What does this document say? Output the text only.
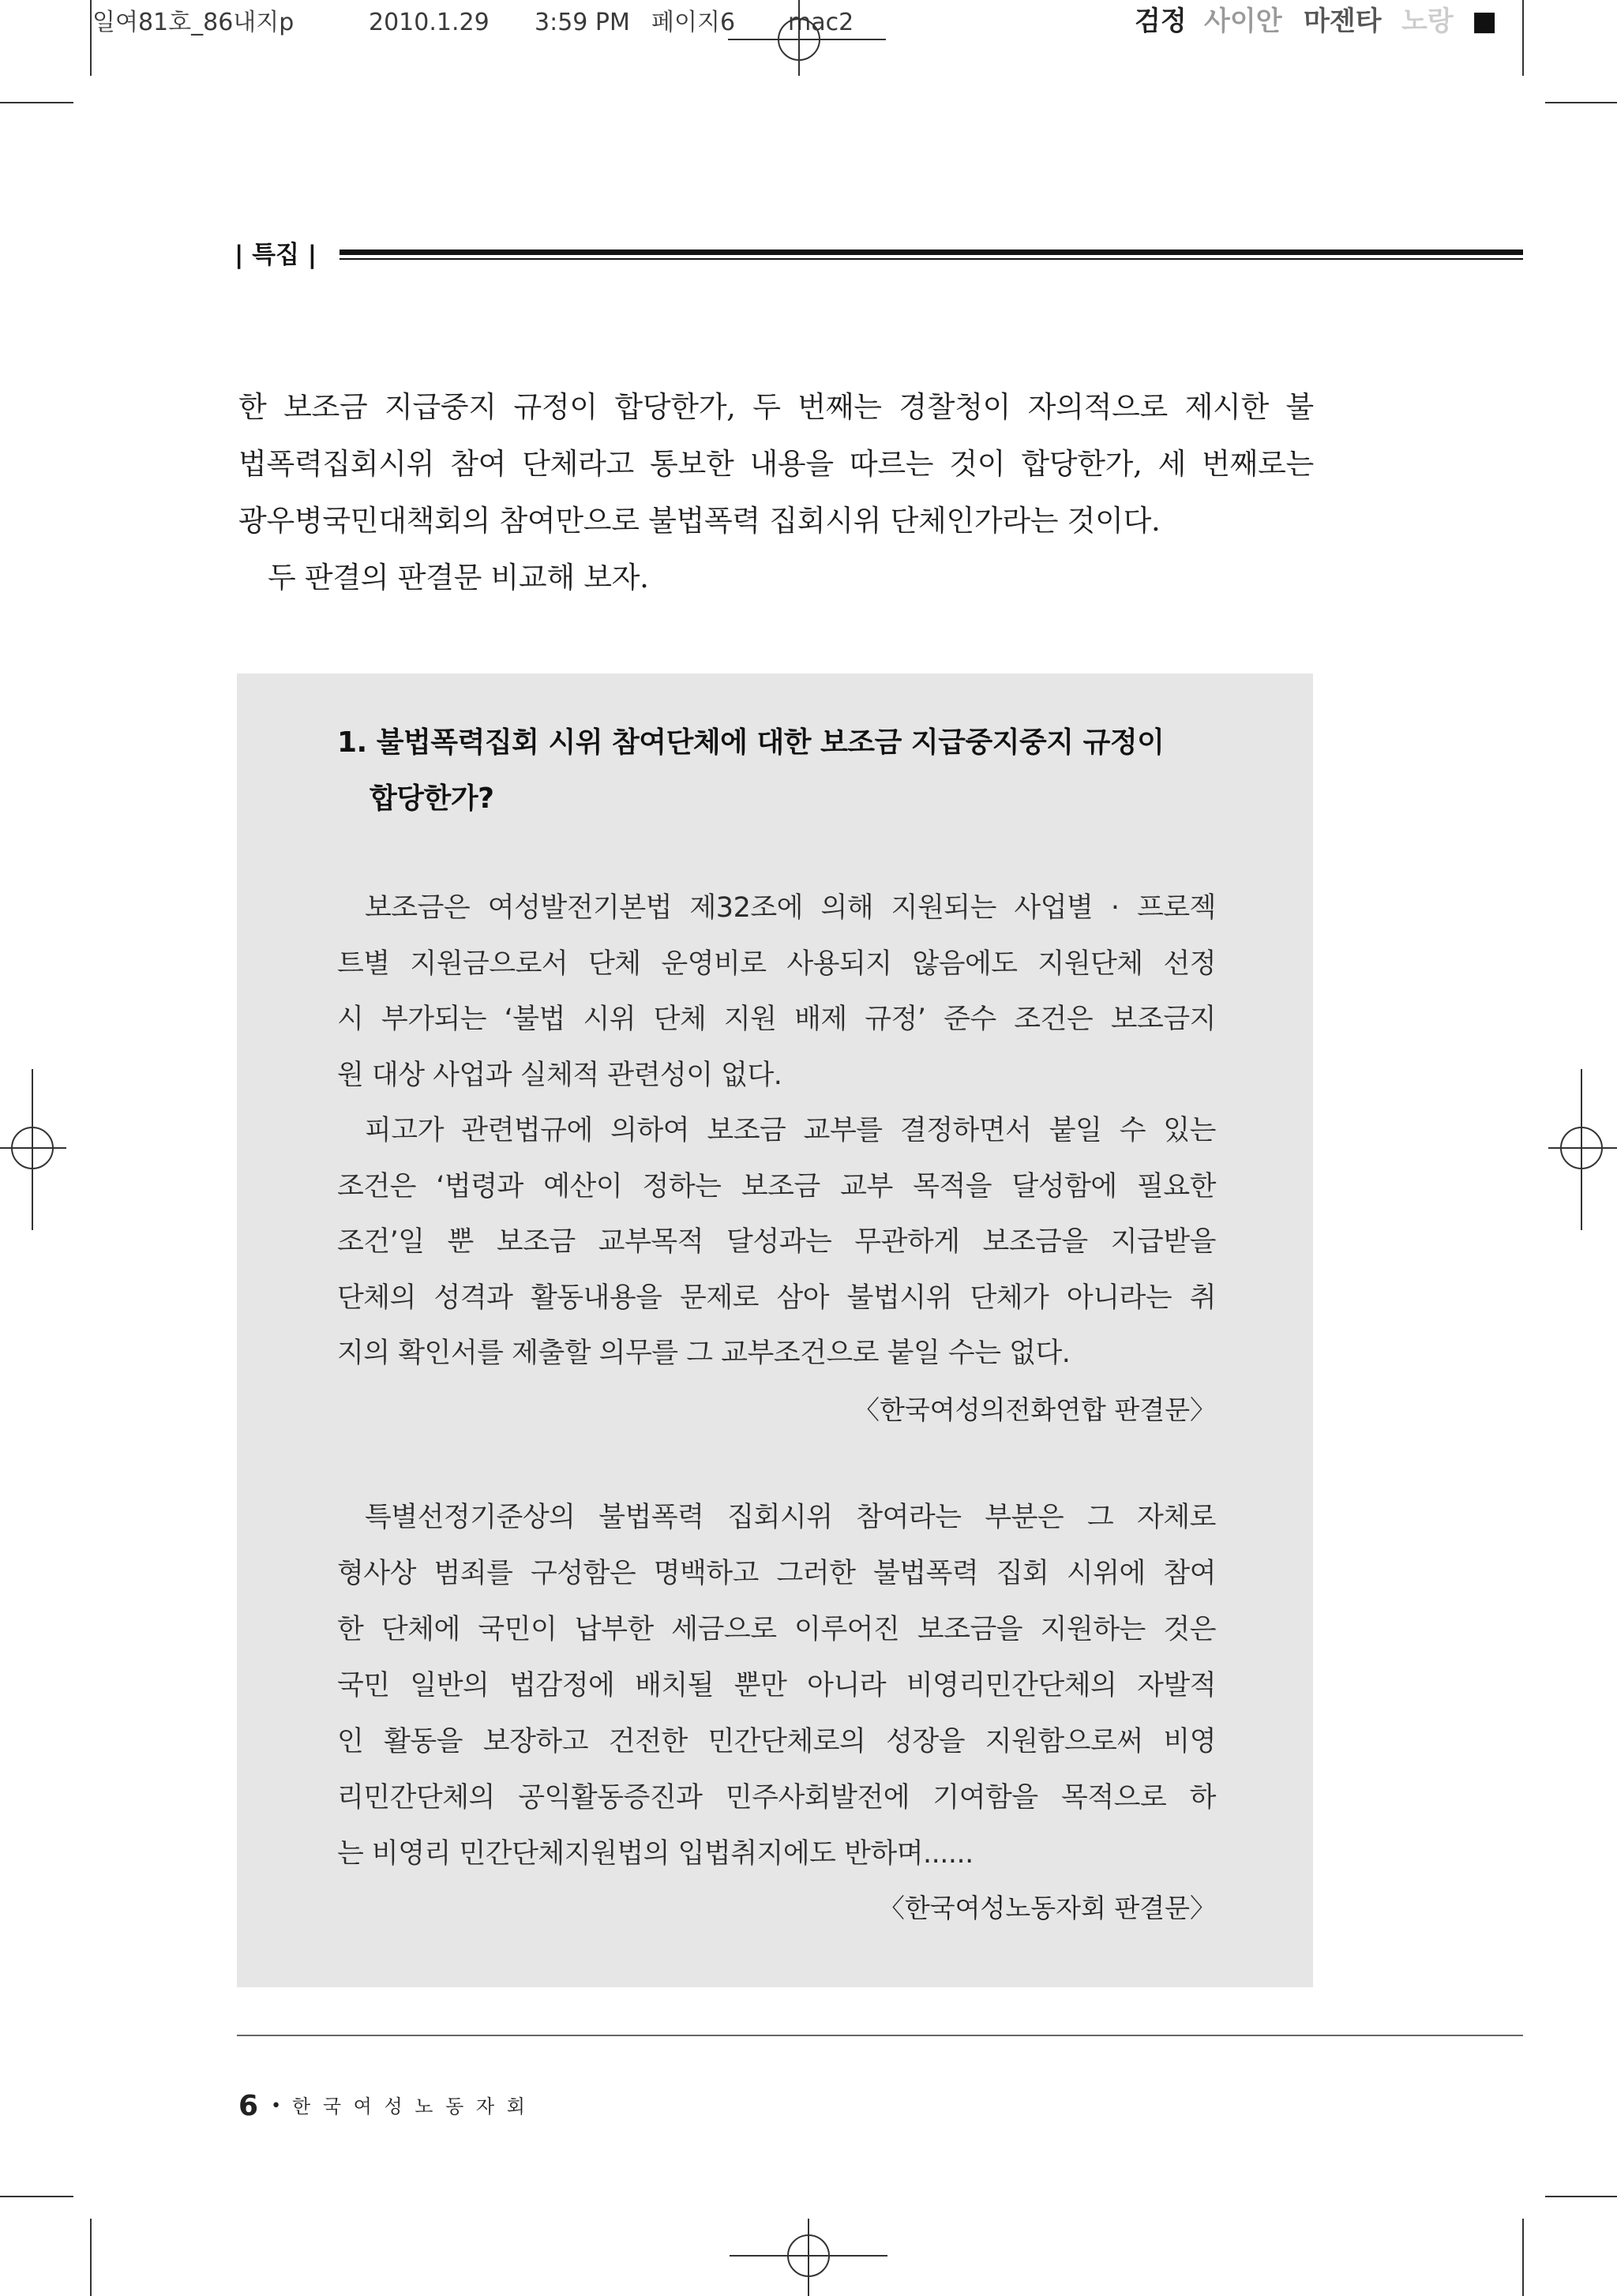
일여81호_86내지p	2010.1.29 3:59 PM 페이지6 mac2	검정 사이안 마젠타 노랑 ■
| 특집 |
한 보조금 지급중지 규정이 합당한가, 두 번째는 경찰청이 자의적으로 제시한 불
법폭력집회시위 참여 단체라고 통보한 내용을 따르는 것이 합당한가, 세 번째로는
광우병국민대책회의 참여만으로 불법폭력 집회시위 단체인가라는 것이다.
두 판결의 판결문 비교해 보자.
1. 불법폭력집회 시위 참여단체에 대한 보조금 지급중지중지 규정이
합당한가?
보조금은 여성발전기본법 제32조에 의해 지원되는 사업별 · 프로젝
트별 지원금으로서 단체 운영비로 사용되지 않음에도 지원단체 선정
시 부가되는 ‘불법 시위 단체 지원 배제 규정’ 준수 조건은 보조금지
원 대상 사업과 실체적 관련성이 없다.
피고가 관련법규에 의하여 보조금 교부를 결정하면서 붙일 수 있는
조건은 ‘법령과 예산이 정하는 보조금 교부 목적을 달성함에 필요한
조건’일 뿐 보조금 교부목적 달성과는 무관하게 보조금을 지급받을
단체의 성격과 활동내용을 문제로 삼아 불법시위 단체가 아니라는 취
지의 확인서를 제출할 의무를 그 교부조건으로 붙일 수는 없다.
〈한국여성의전화연합 판결문〉
특별선정기준상의 불법폭력 집회시위 참여라는 부분은 그 자체로
형사상 범죄를 구성함은 명백하고 그러한 불법폭력 집회 시위에 참여
한 단체에 국민이 납부한 세금으로 이루어진 보조금을 지원하는 것은
국민 일반의 법감정에 배치될 뿐만 아니라 비영리민간단체의 자발적
인 활동을 보장하고 건전한 민간단체로의 성장을 지원함으로써 비영
리민간단체의 공익활동증진과 민주사회발전에 기여함을 목적으로 하
는 비영리 민간단체지원법의 입법취지에도 반하며......
〈한국여성노동자회 판결문〉
6 • 한 국 여 성 노 동 자 회
